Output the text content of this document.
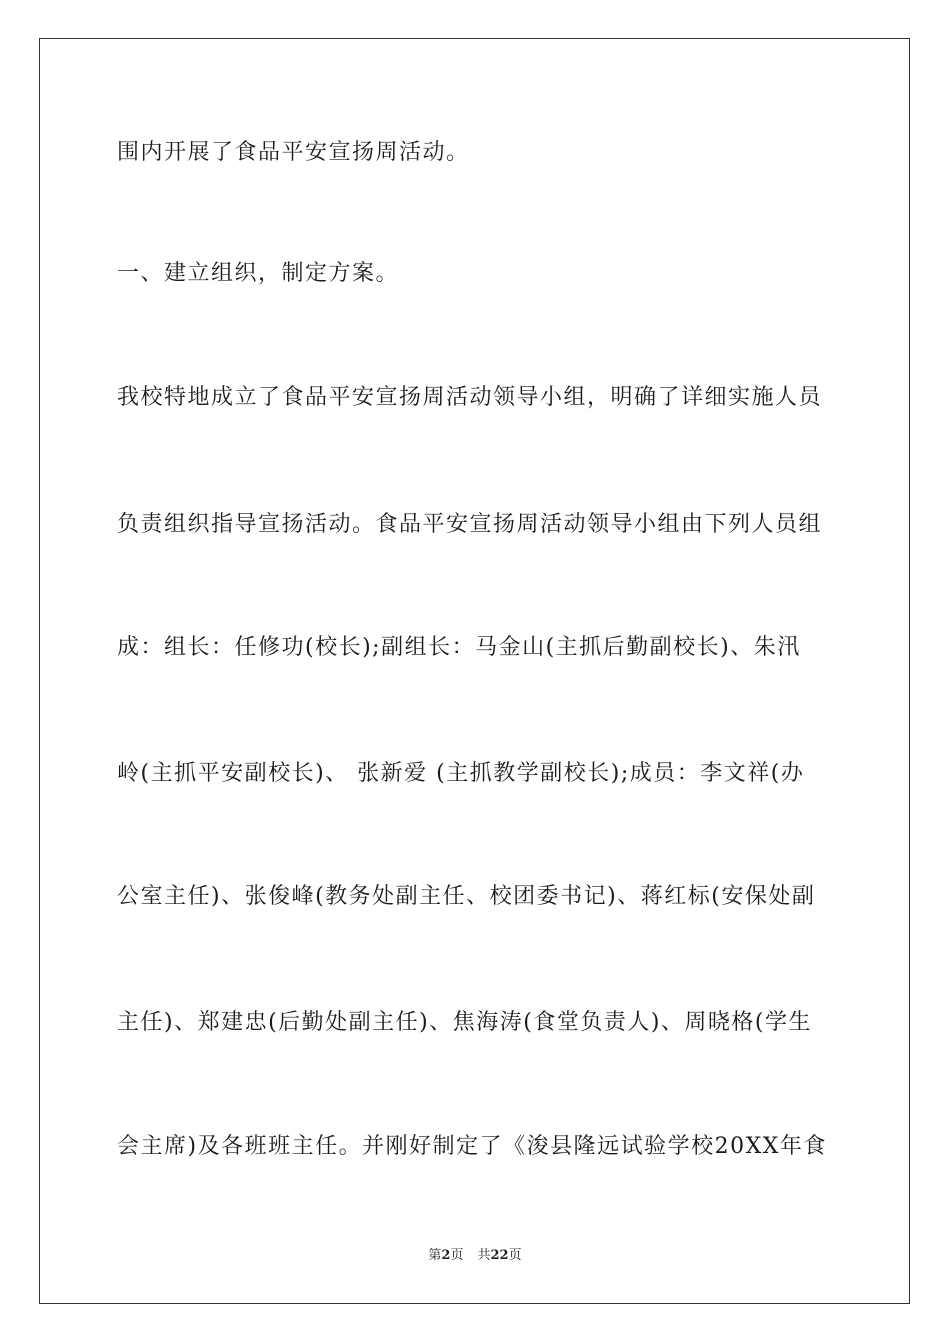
围内开展了食品平安宣扬周活动。
一、建立组织，制定方案。
我校特地成立了食品平安宣扬周活动领导小组，明确了详细实施人员
负责组织指导宣扬活动。食品平安宣扬周活动领导小组由下列人员组
成：组长：任修功(校长);副组长：马金山(主抓后勤副校长)、朱汛
岭(主抓平安副校长)、 张新爱 (主抓教学副校长);成员：李文祥(办
公室主任)、张俊峰(教务处副主任、校团委书记)、蒋红标(安保处副
主任)、郑建忠(后勤处副主任)、焦海涛(食堂负责人)、周晓格(学生
会主席)及各班班主任。并刚好制定了《浚县隆远试验学校20XX年食
第2页 共22页
